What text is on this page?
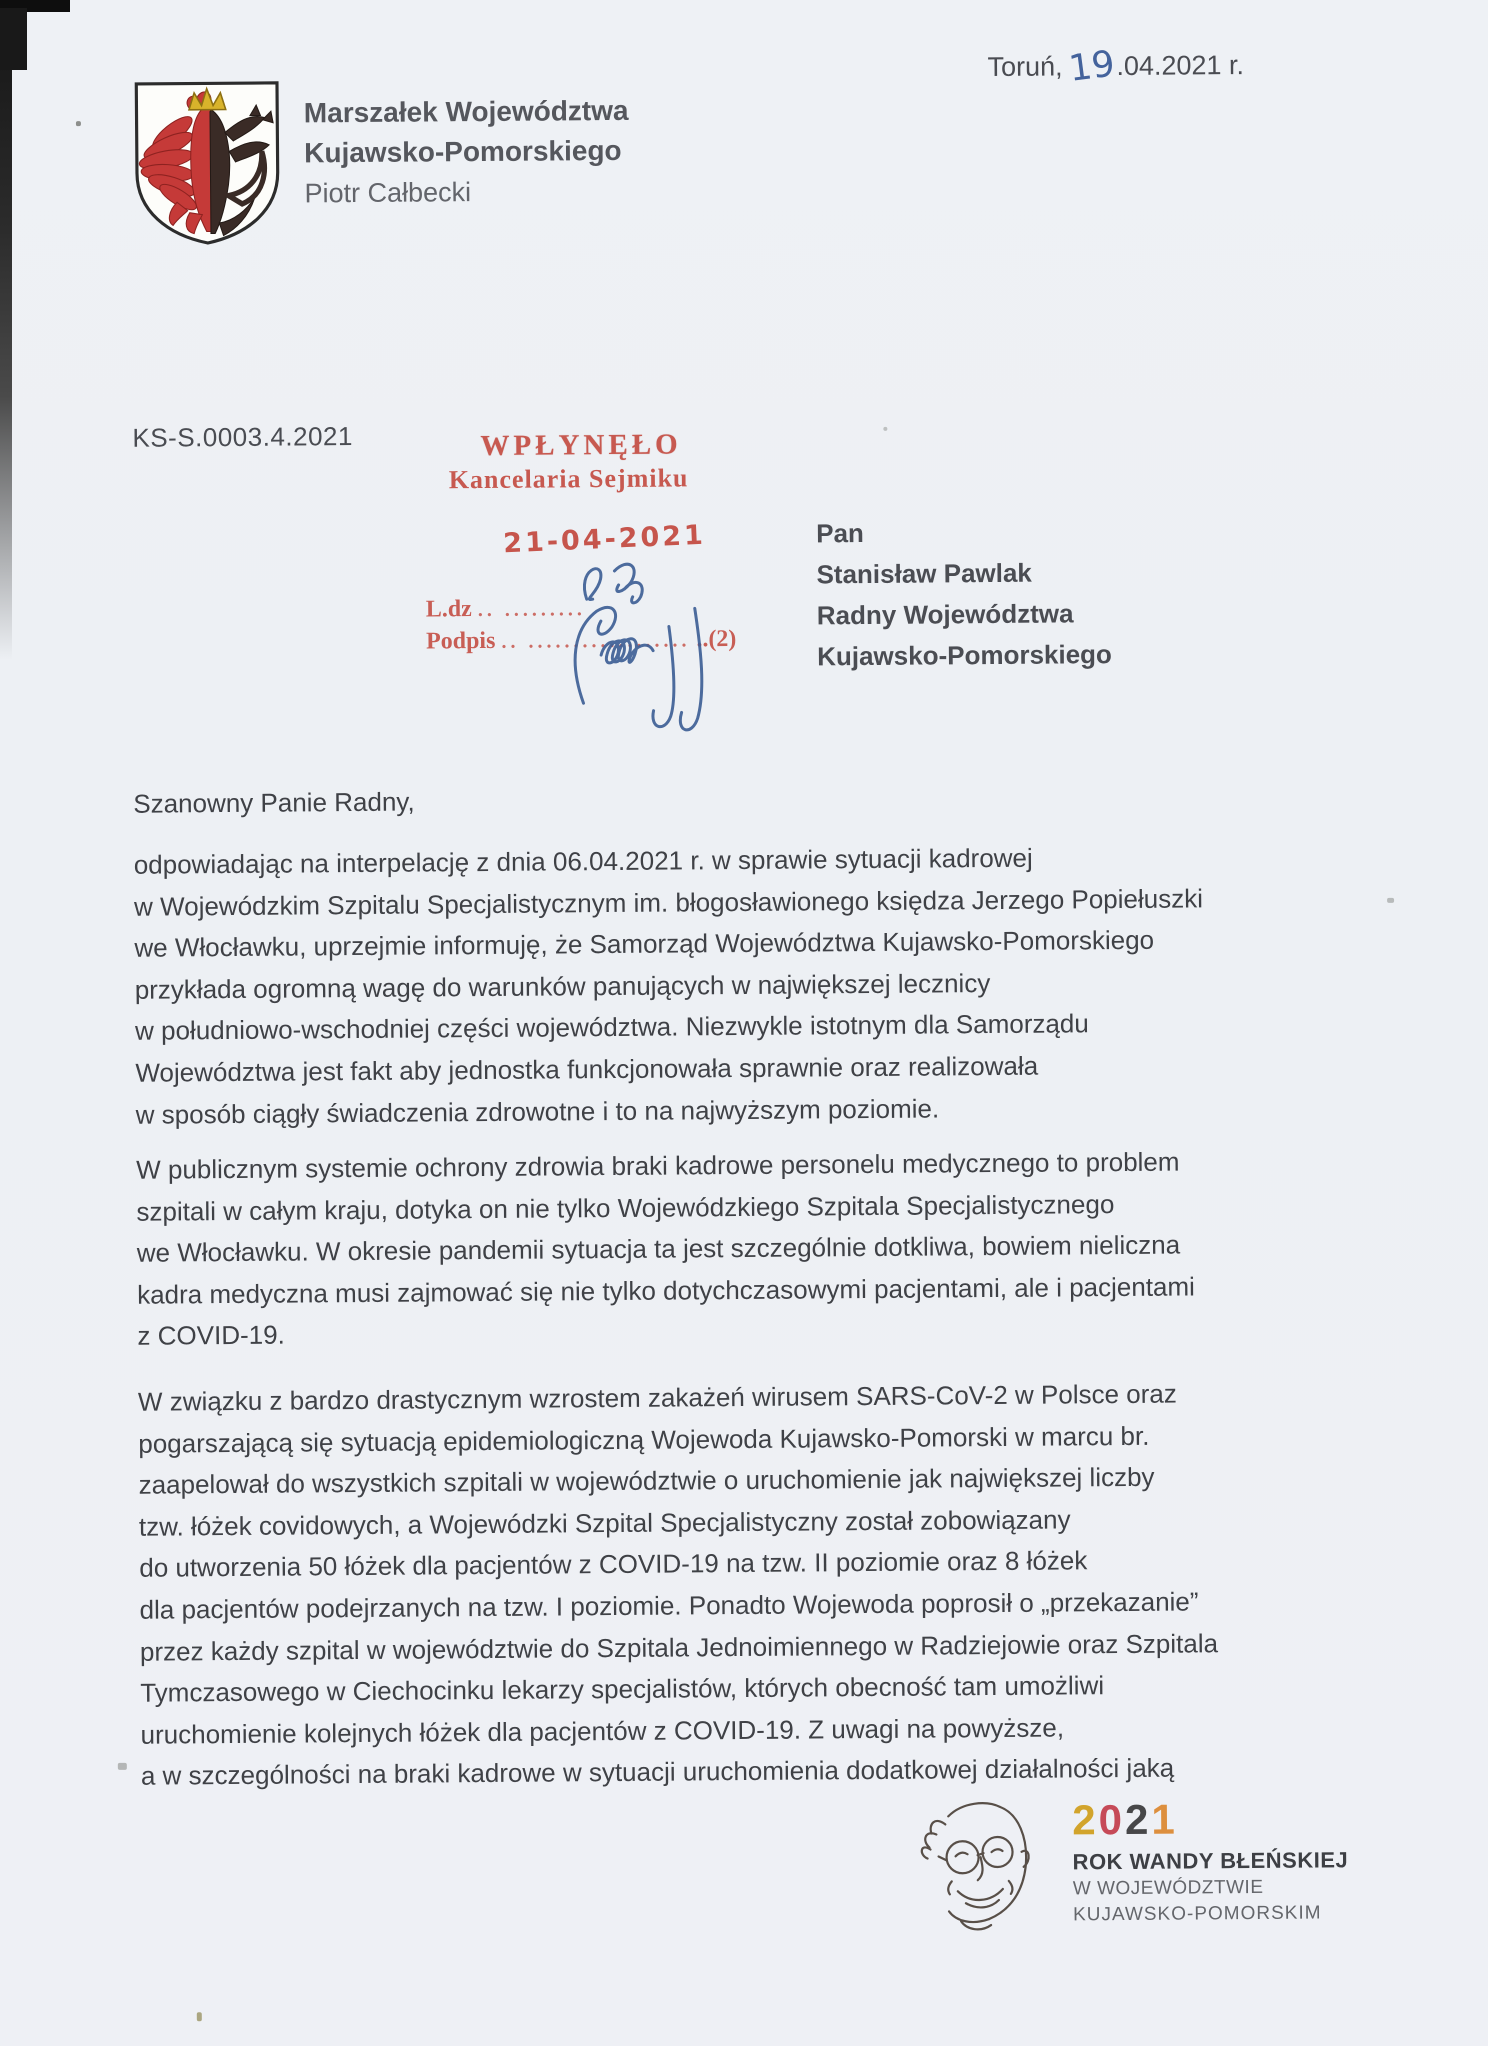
Marszałek Województwa
Kujawsko-Pomorskiego
Piotr Całbecki
Toruń, 19.04.2021 r.
KS-S.0003.4.2021	WPŁYNĘŁO
Kancelaria Sejmiku
21-04-2021
L.dz .. .........
Podpis .. .................. ..(2)
Pan
Stanisław Pawlak
Radny Województwa
Kujawsko-Pomorskiego
Szanowny Panie Radny,
odpowiadając na interpelację z dnia 06.04.2021 r. w sprawie sytuacji kadrowej
w Wojewódzkim Szpitalu Specjalistycznym im. błogosławionego księdza Jerzego Popiełuszki
we Włocławku, uprzejmie informuję, że Samorząd Województwa Kujawsko-Pomorskiego
przykłada ogromną wagę do warunków panujących w największej lecznicy
w południowo-wschodniej części województwa. Niezwykle istotnym dla Samorządu
Województwa jest fakt aby jednostka funkcjonowała sprawnie oraz realizowała
w sposób ciągły świadczenia zdrowotne i to na najwyższym poziomie.
W publicznym systemie ochrony zdrowia braki kadrowe personelu medycznego to problem
szpitali w całym kraju, dotyka on nie tylko Wojewódzkiego Szpitala Specjalistycznego
we Włocławku. W okresie pandemii sytuacja ta jest szczególnie dotkliwa, bowiem nieliczna
kadra medyczna musi zajmować się nie tylko dotychczasowymi pacjentami, ale i pacjentami
z COVID-19.
W związku z bardzo drastycznym wzrostem zakażeń wirusem SARS-CoV-2 w Polsce oraz
pogarszającą się sytuacją epidemiologiczną Wojewoda Kujawsko-Pomorski w marcu br.
zaapelował do wszystkich szpitali w województwie o uruchomienie jak największej liczby
tzw. łóżek covidowych, a Wojewódzki Szpital Specjalistyczny został zobowiązany
do utworzenia 50 łóżek dla pacjentów z COVID-19 na tzw. II poziomie oraz 8 łóżek
dla pacjentów podejrzanych na tzw. I poziomie. Ponadto Wojewoda poprosił o „przekazanie”
przez każdy szpital w województwie do Szpitala Jednoimiennego w Radziejowie oraz Szpitala
Tymczasowego w Ciechocinku lekarzy specjalistów, których obecność tam umożliwi
uruchomienie kolejnych łóżek dla pacjentów z COVID-19. Z uwagi na powyższe,
a w szczególności na braki kadrowe w sytuacji uruchomienia dodatkowej działalności jaką
2021
ROK WANDY BŁEŃSKIEJ
W WOJEWÓDZTWIE
KUJAWSKO-POMORSKIM
